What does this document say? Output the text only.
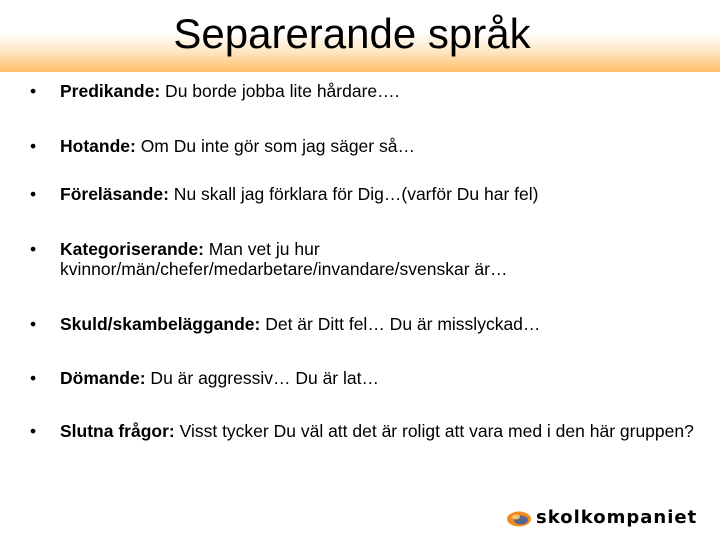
Separerande språk
• Predikande: Du borde jobba lite hårdare….
• Hotande: Om Du inte gör som jag säger så…
• Föreläsande: Nu skall jag förklara för Dig…(varför Du har fel)
• Kategoriserande: Man vet ju hur kvinnor/män/chefer/medarbetare/invandare/svenskar är…
• Skuld/skambeläggande: Det är Ditt fel… Du är misslyckad…
• Dömande: Du är aggressiv… Du är lat…
• Slutna frågor: Visst tycker Du väl att det är roligt att vara med i den här gruppen?
skolkompaniet
